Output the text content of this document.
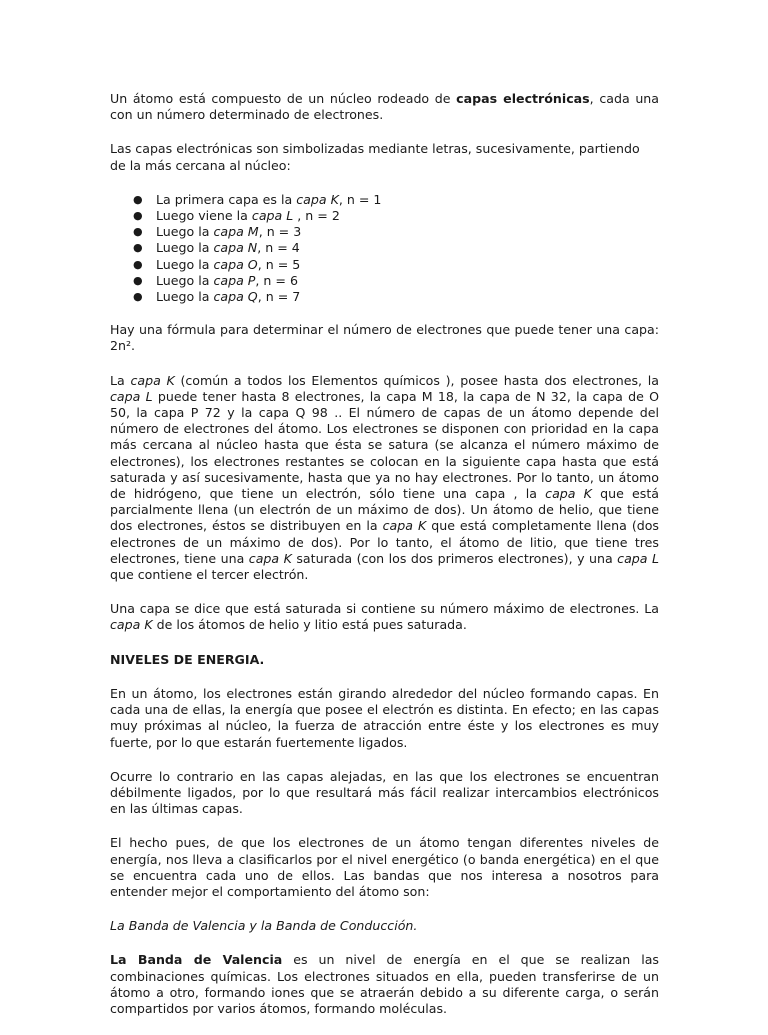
Un átomo está compuesto de un núcleo rodeado de capas electrónicas, cada una con un número determinado de electrones.

Las capas electrónicas son simbolizadas mediante letras, sucesivamente, partiendo de la más cercana al núcleo:

● La primera capa es la capa K, n = 1
● Luego viene la capa L , n = 2
● Luego la capa M, n = 3
● Luego la capa N, n = 4
● Luego la capa O, n = 5
● Luego la capa P, n = 6
● Luego la capa Q, n = 7

Hay una fórmula para determinar el número de electrones que puede tener una capa: 2n².

La capa K (común a todos los Elementos químicos ), posee hasta dos electrones, la capa L puede tener hasta 8 electrones, la capa M 18, la capa de N 32, la capa de O 50, la capa P 72 y la capa Q 98 .. El número de capas de un átomo depende del número de electrones del átomo. Los electrones se disponen con prioridad en la capa más cercana al núcleo hasta que ésta se satura (se alcanza el número máximo de electrones), los electrones restantes se colocan en la siguiente capa hasta que está saturada y así sucesivamente, hasta que ya no hay electrones. Por lo tanto, un átomo de hidrógeno, que tiene un electrón, sólo tiene una capa , la capa K que está parcialmente llena (un electrón de un máximo de dos). Un átomo de helio, que tiene dos electrones, éstos se distribuyen en la capa K que está completamente llena (dos electrones de un máximo de dos). Por lo tanto, el átomo de litio, que tiene tres electrones, tiene una capa K saturada (con los dos primeros electrones), y una capa L que contiene el tercer electrón.

Una capa se dice que está saturada si contiene su número máximo de electrones. La capa K de los átomos de helio y litio está pues saturada.

NIVELES DE ENERGIA.

En un átomo, los electrones están girando alrededor del núcleo formando capas. En cada una de ellas, la energía que posee el electrón es distinta. En efecto; en las capas muy próximas al núcleo, la fuerza de atracción entre éste y los electrones es muy fuerte, por lo que estarán fuertemente ligados.

Ocurre lo contrario en las capas alejadas, en las que los electrones se encuentran débilmente ligados, por lo que resultará más fácil realizar intercambios electrónicos en las últimas capas.

El hecho pues, de que los electrones de un átomo tengan diferentes niveles de energía, nos lleva a clasificarlos por el nivel energético (o banda energética) en el que se encuentra cada uno de ellos. Las bandas que nos interesa a nosotros para entender mejor el comportamiento del átomo son:

La Banda de Valencia y la Banda de Conducción.

La Banda de Valencia es un nivel de energía en el que se realizan las combinaciones químicas. Los electrones situados en ella, pueden transferirse de un átomo a otro, formando iones que se atraerán debido a su diferente carga, o serán compartidos por varios átomos, formando moléculas.
